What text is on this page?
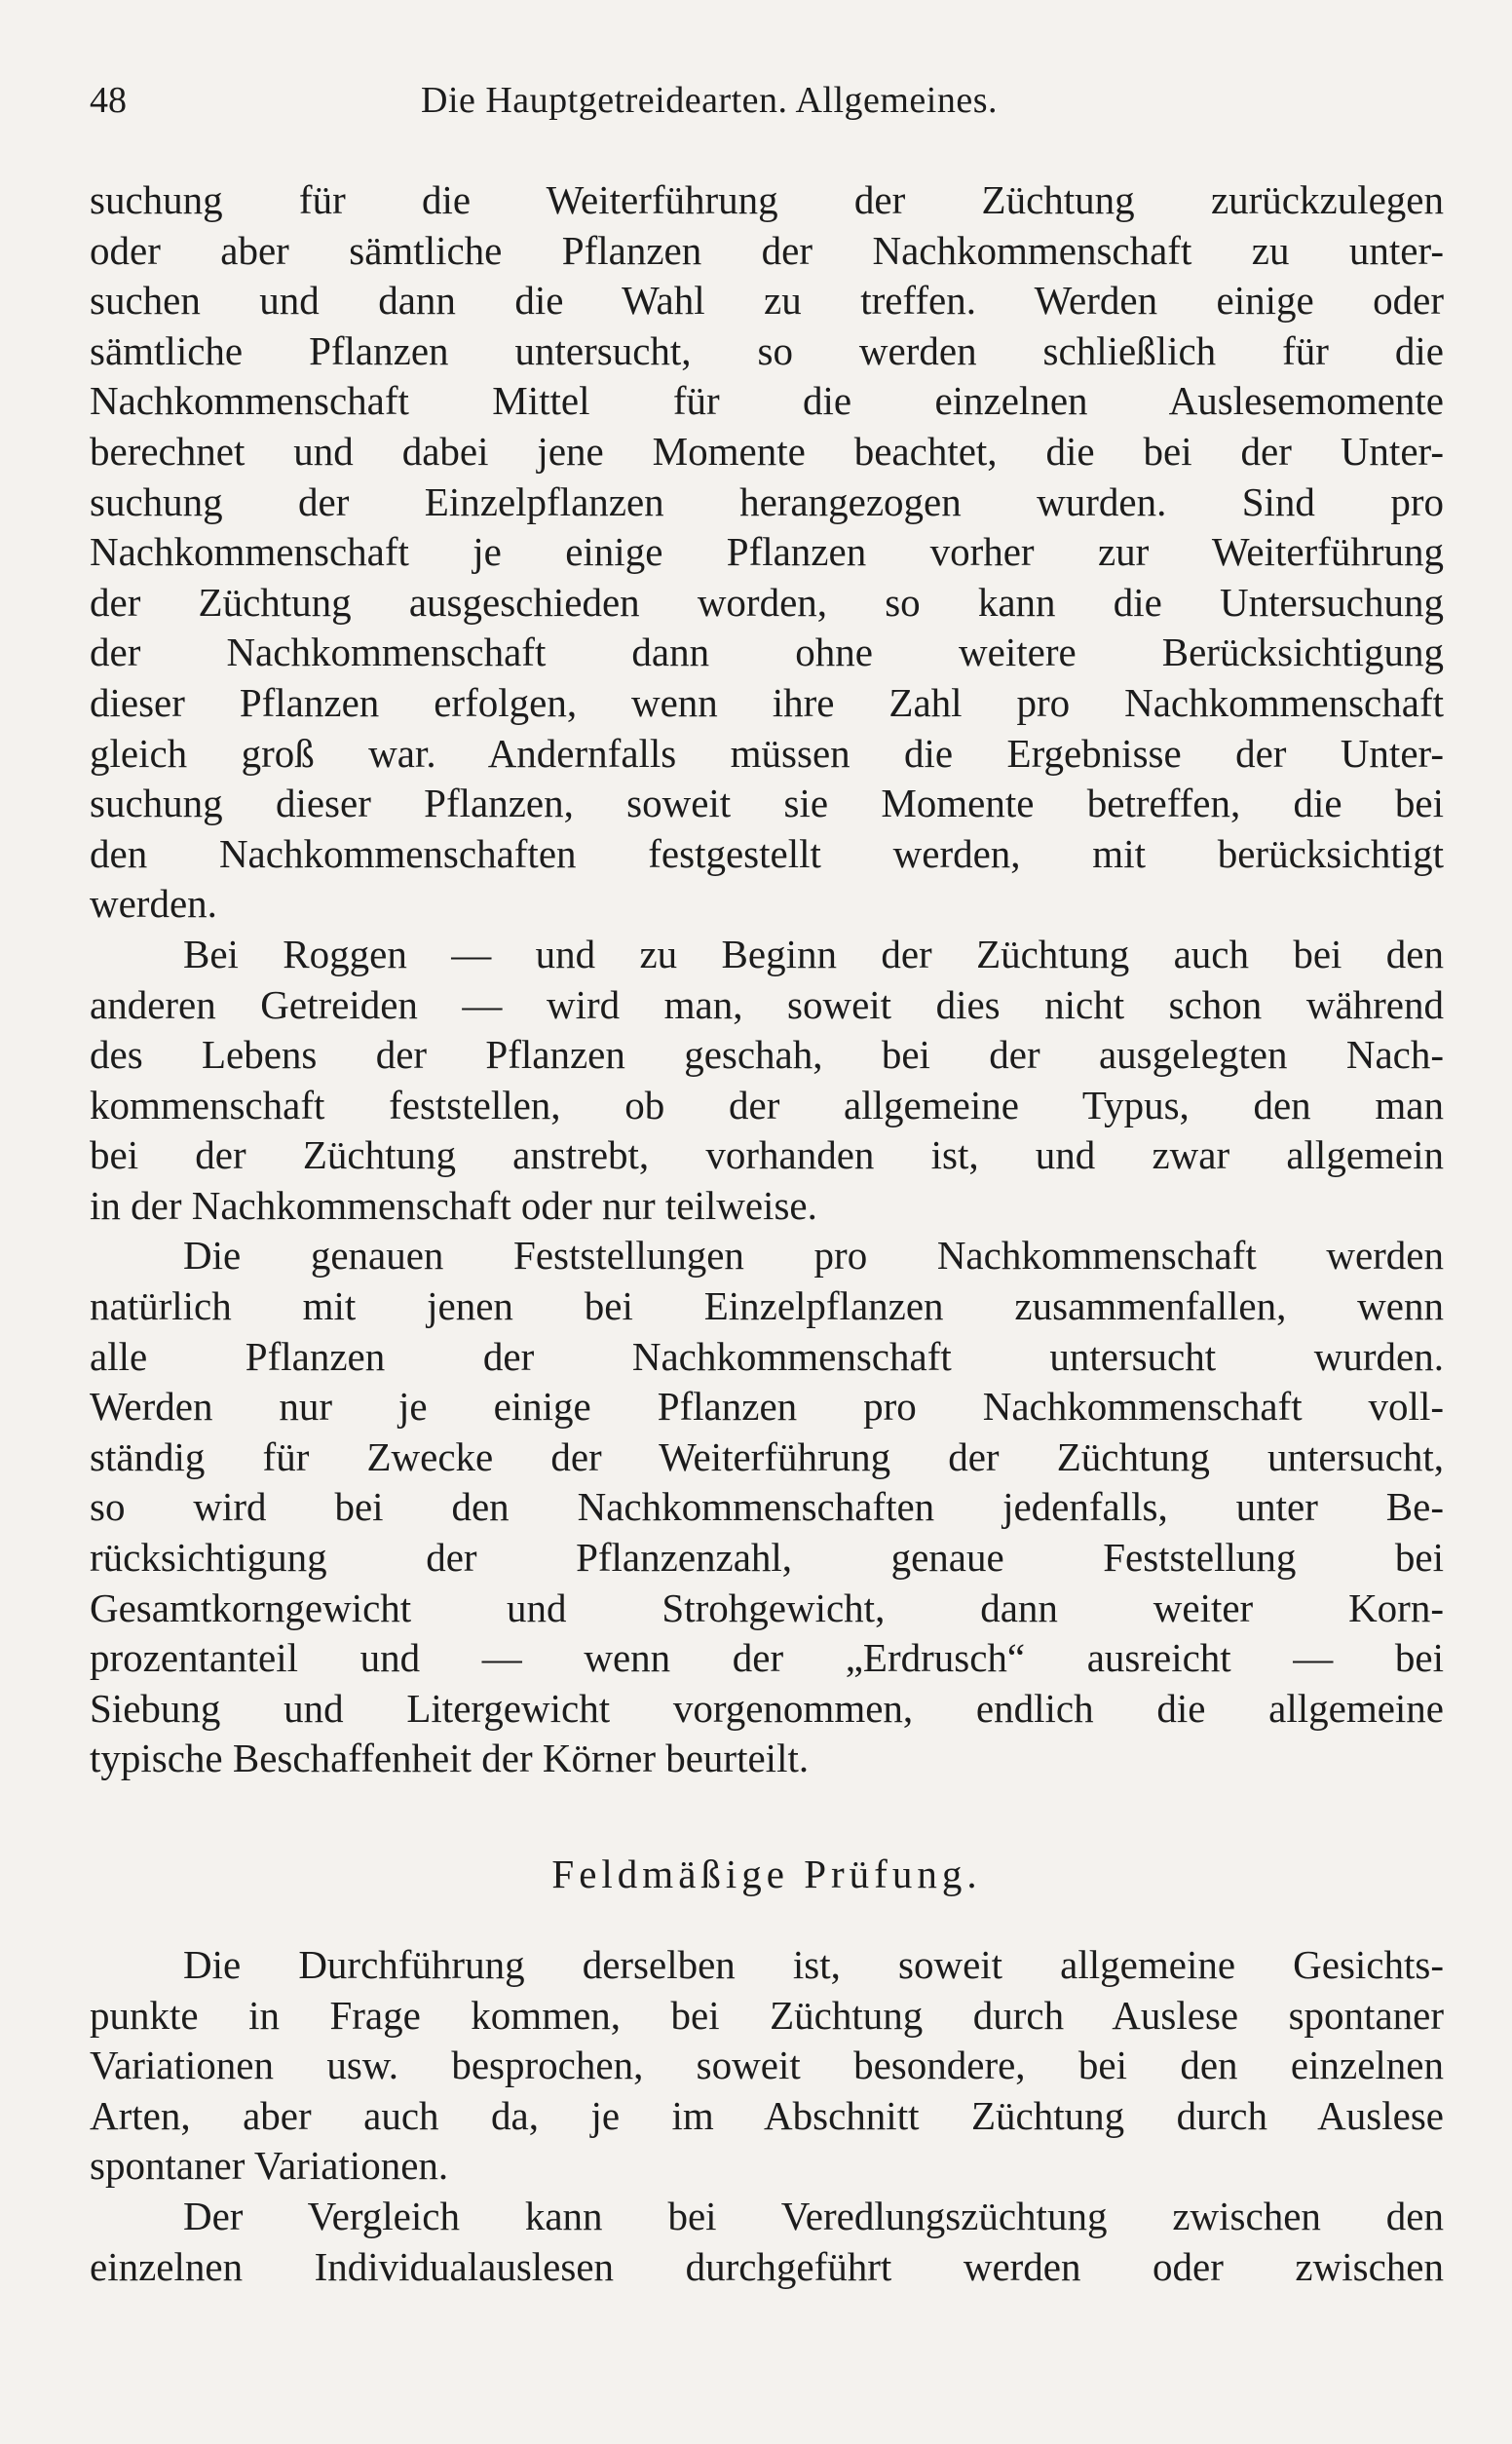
48	Die Hauptgetreidearten. Allgemeines.
suchung für die Weiterführung der Züchtung zurückzulegen
oder aber sämtliche Pflanzen der Nachkommenschaft zu unter-
suchen und dann die Wahl zu treffen. Werden einige oder
sämtliche Pflanzen untersucht, so werden schließlich für die
Nachkommenschaft Mittel für die einzelnen Auslesemomente
berechnet und dabei jene Momente beachtet, die bei der Unter-
suchung der Einzelpflanzen herangezogen wurden. Sind pro
Nachkommenschaft je einige Pflanzen vorher zur Weiterführung
der Züchtung ausgeschieden worden, so kann die Untersuchung
der Nachkommenschaft dann ohne weitere Berücksichtigung
dieser Pflanzen erfolgen, wenn ihre Zahl pro Nachkommenschaft
gleich groß war. Andernfalls müssen die Ergebnisse der Unter-
suchung dieser Pflanzen, soweit sie Momente betreffen, die bei
den Nachkommenschaften festgestellt werden, mit berücksichtigt
werden.
Bei Roggen — und zu Beginn der Züchtung auch bei den
anderen Getreiden — wird man, soweit dies nicht schon während
des Lebens der Pflanzen geschah, bei der ausgelegten Nach-
kommenschaft feststellen, ob der allgemeine Typus, den man
bei der Züchtung anstrebt, vorhanden ist, und zwar allgemein
in der Nachkommenschaft oder nur teilweise.
Die genauen Feststellungen pro Nachkommenschaft werden
natürlich mit jenen bei Einzelpflanzen zusammenfallen, wenn
alle Pflanzen der Nachkommenschaft untersucht wurden.
Werden nur je einige Pflanzen pro Nachkommenschaft voll-
ständig für Zwecke der Weiterführung der Züchtung untersucht,
so wird bei den Nachkommenschaften jedenfalls, unter Be-
rücksichtigung der Pflanzenzahl, genaue Feststellung bei
Gesamtkorngewicht und Strohgewicht, dann weiter Korn-
prozentanteil und — wenn der „Erdrusch“ ausreicht — bei
Siebung und Litergewicht vorgenommen, endlich die allgemeine
typische Beschaffenheit der Körner beurteilt.
Feldmäßige Prüfung.
Die Durchführung derselben ist, soweit allgemeine Gesichts-
punkte in Frage kommen, bei Züchtung durch Auslese spontaner
Variationen usw. besprochen, soweit besondere, bei den einzelnen
Arten, aber auch da, je im Abschnitt Züchtung durch Auslese
spontaner Variationen.
Der Vergleich kann bei Veredlungszüchtung zwischen den
einzelnen Individualauslesen durchgeführt werden oder zwischen
